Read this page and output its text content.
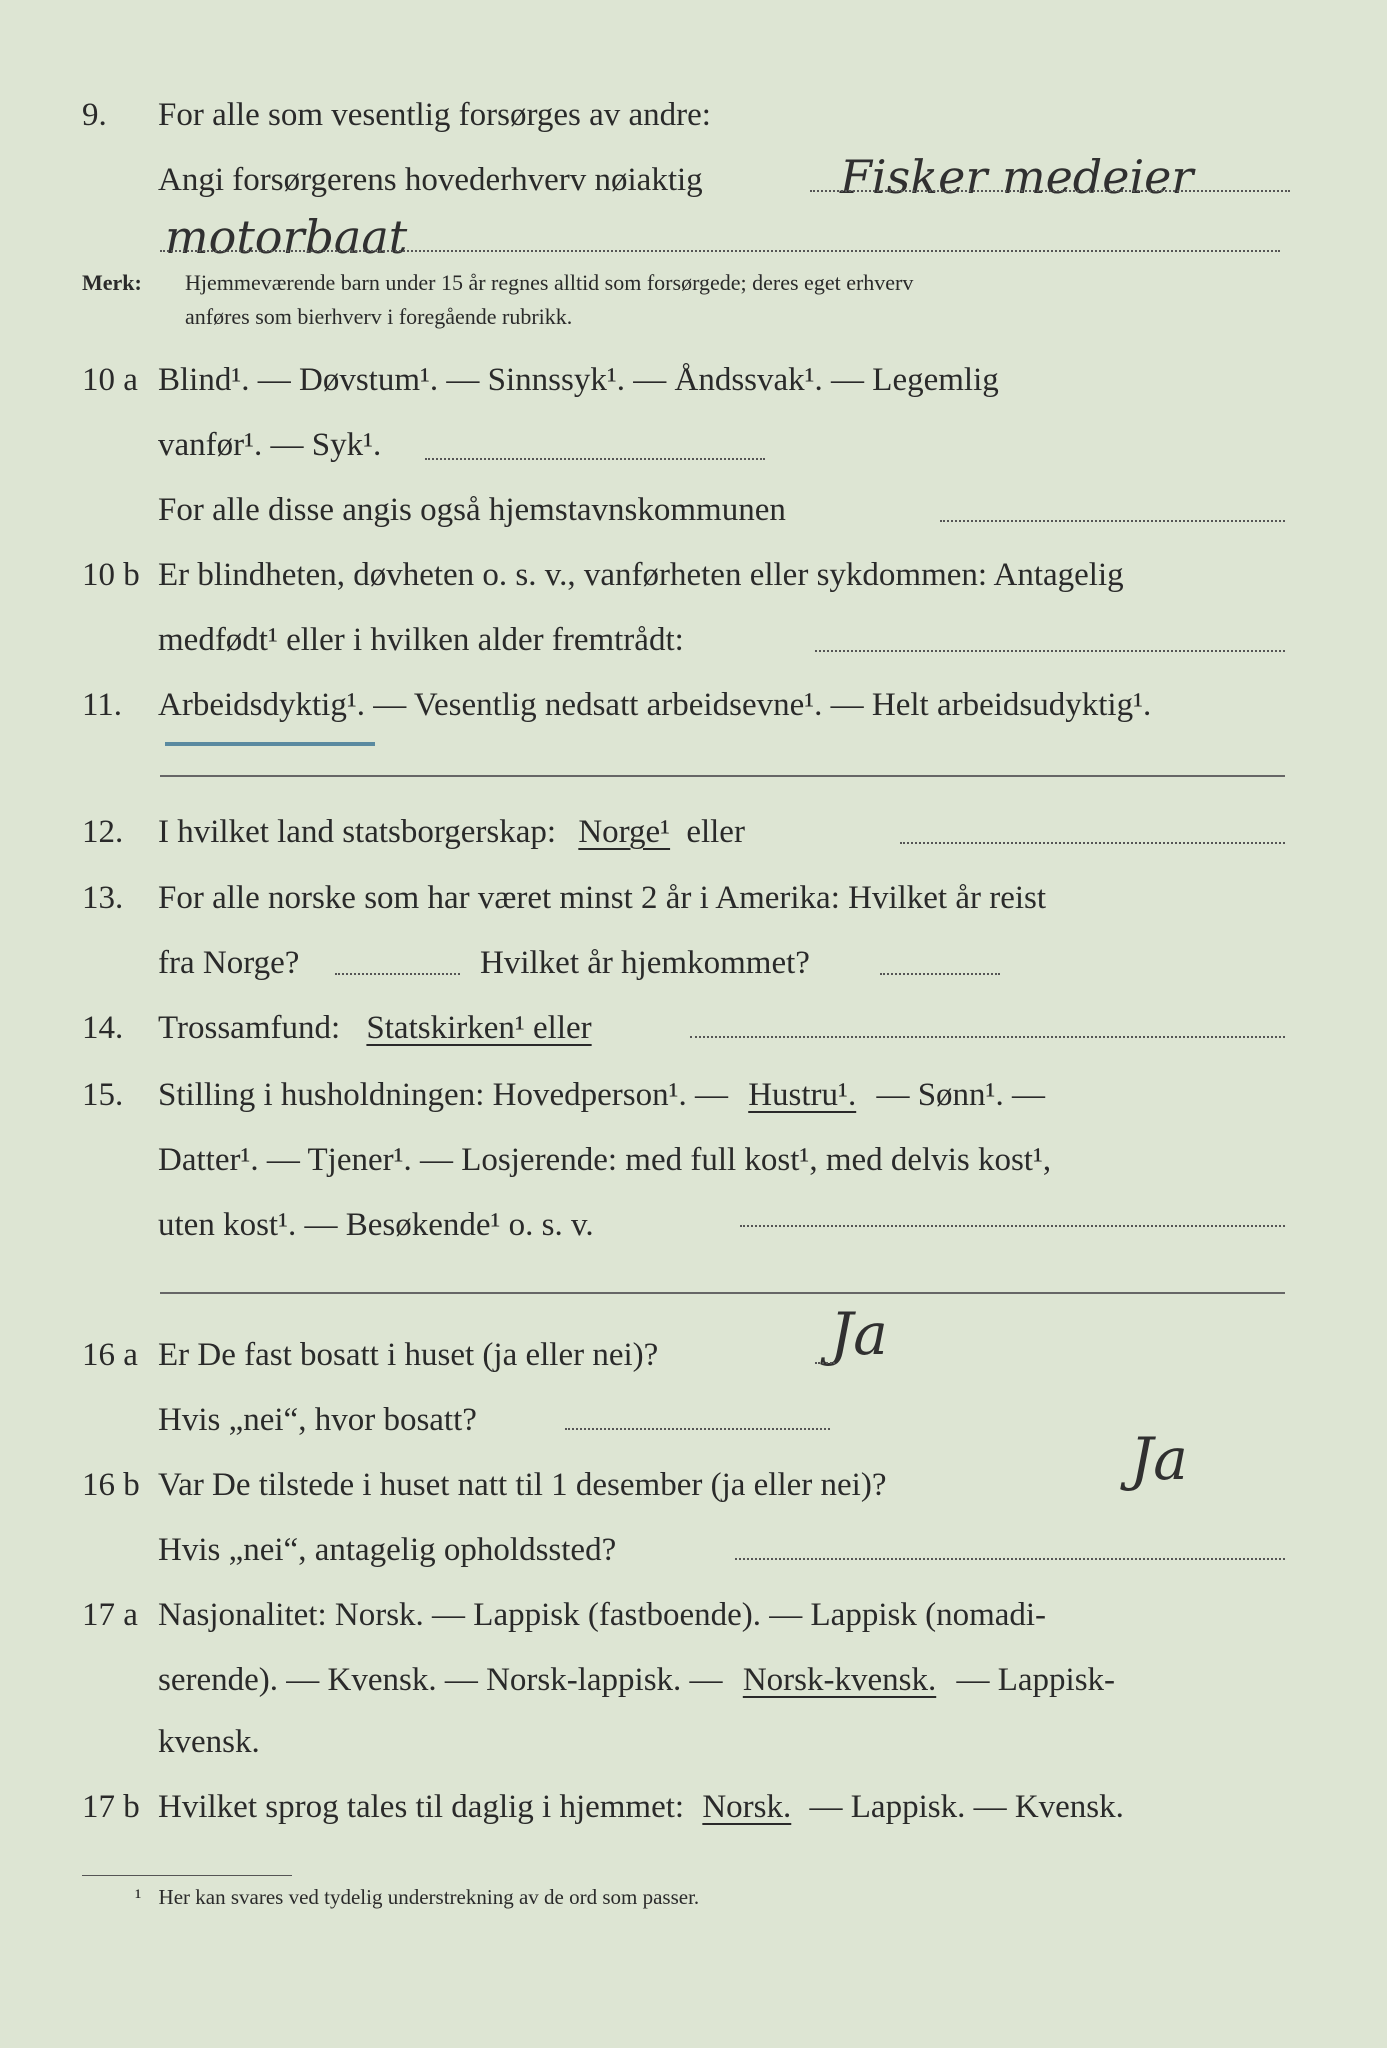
9.	For alle som vesentlig forsørges av andre:
Angi forsørgerens hovederhverv nøiaktig	Fisker medeier
motorbaat
Merk:	Hjemmeværende barn under 15 år regnes alltid som forsørgede; deres eget erhverv
anføres som bierhverv i foregående rubrikk.
10 a Blind¹. — Døvstum¹. — Sinnssyk¹. — Åndssvak¹. — Legemlig
vanfør¹. — Syk¹.
For alle disse angis også hjemstavnskommunen
10 b Er blindheten, døvheten o. s. v., vanførheten eller sykdommen: Antagelig
medfødt¹ eller i hvilken alder fremtrådt:
11.	Arbeidsdyktig¹. — Vesentlig nedsatt arbeidsevne¹. — Helt arbeidsudyktig¹.
12.	I hvilket land statsborgerskap: Norge¹ eller
13.	For alle norske som har været minst 2 år i Amerika: Hvilket år reist
fra Norge?	Hvilket år hjemkommet?
14.	Trossamfund: Statskirken¹ eller
15.	Stilling i husholdningen: Hovedperson¹. — Hustru¹. — Sønn¹. —
Datter¹. — Tjener¹. — Losjerende: med full kost¹, med delvis kost¹,
uten kost¹. — Besøkende¹ o. s. v.
16 a Er De fast bosatt i huset (ja eller nei)?	Ja
Hvis „nei“, hvor bosatt?
16 b Var De tilstede i huset natt til 1 desember (ja eller nei)?	Ja
Hvis „nei“, antagelig opholdssted?
17 a Nasjonalitet: Norsk. — Lappisk (fastboende). — Lappisk (nomadi-
serende). — Kvensk. — Norsk-lappisk. — Norsk-kvensk. — Lappisk-
kvensk.
17 b Hvilket sprog tales til daglig i hjemmet: Norsk. — Lappisk. — Kvensk.
¹ Her kan svares ved tydelig understrekning av de ord som passer.
